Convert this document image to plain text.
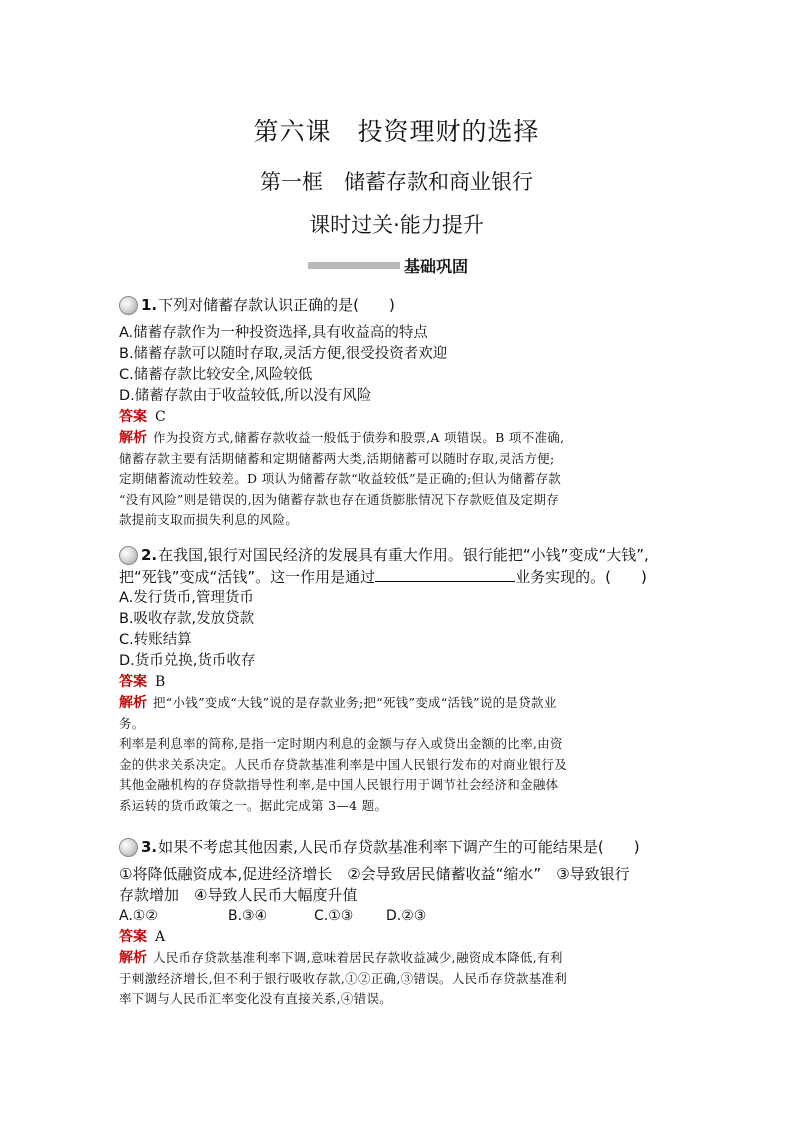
第六课　投资理财的选择
第一框　储蓄存款和商业银行
课时过关·能力提升
基础巩固
1. 下列对储蓄存款认识正确的是(　　)
A.储蓄存款作为一种投资选择,具有收益高的特点
B.储蓄存款可以随时存取,灵活方便,很受投资者欢迎
C.储蓄存款比较安全,风险较低
D.储蓄存款由于收益较低,所以没有风险
答案 C
解析 作为投资方式,储蓄存款收益一般低于债券和股票,A 项错误。B 项不准确,
储蓄存款主要有活期储蓄和定期储蓄两大类,活期储蓄可以随时存取,灵活方便;
定期储蓄流动性较差。D 项认为储蓄存款“收益较低”是正确的;但认为储蓄存款
“没有风险”则是错误的,因为储蓄存款也存在通货膨胀情况下存款贬值及定期存
款提前支取而损失利息的风险。
2. 在我国,银行对国民经济的发展具有重大作用。银行能把“小钱”变成“大钱”,
把“死钱”变成“活钱”。这一作用是通过	业务实现的。(　　)
A.发行货币,管理货币
B.吸收存款,发放贷款
C.转账结算
D.货币兑换,货币收存
答案 B
解析 把“小钱”变成“大钱”说的是存款业务;把“死钱”变成“活钱”说的是贷款业
务。
利率是利息率的简称,是指一定时期内利息的金额与存入或贷出金额的比率,由资
金的供求关系决定。人民币存贷款基准利率是中国人民银行发布的对商业银行及
其他金融机构的存贷款指导性利率,是中国人民银行用于调节社会经济和金融体
系运转的货币政策之一。据此完成第 3—4 题。
3. 如果不考虑其他因素,人民币存贷款基准利率下调产生的可能结果是(　　)
①将降低融资成本,促进经济增长　②会导致居民储蓄收益“缩水”　③导致银行
存款增加　④导致人民币大幅度升值
A.①②	B.③④	C.①③	D.②③
答案 A
解析 人民币存贷款基准利率下调,意味着居民存款收益减少,融资成本降低,有利
于刺激经济增长,但不利于银行吸收存款,①②正确,③错误。人民币存贷款基准利
率下调与人民币汇率变化没有直接关系,④错误。
